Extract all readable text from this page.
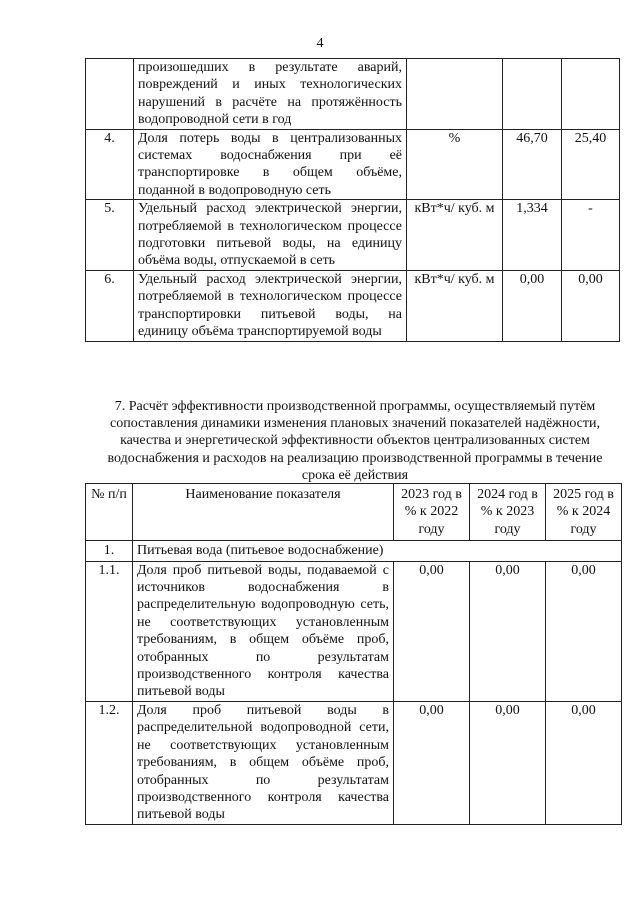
4
	произошедших в результате аварий, повреждений и иных технологических нарушений в расчёте на протяжённость водопроводной сети в год			
4.	Доля потерь воды в централизованных системах водоснабжения при её транспортировке в общем объёме, поданной в водопроводную сеть	%	46,70	25,40
5.	Удельный расход электрической энергии, потребляемой в технологическом процессе подготовки питьевой воды, на единицу объёма воды, отпускаемой в сеть	кВт*ч/ куб. м	1,334	-
6.	Удельный расход электрической энергии, потребляемой в технологическом процессе транспортировки питьевой воды, на единицу объёма транспортируемой воды	кВт*ч/ куб. м	0,00	0,00
7. Расчёт эффективности производственной программы, осуществляемый путём сопоставления динамики изменения плановых значений показателей надёжности, качества и энергетической эффективности объектов централизованных систем водоснабжения и расходов на реализацию производственной программы в течение срока её действия
№ п/п	Наименование показателя	2023 год в % к 2022 году	2024 год в % к 2023 году	2025 год в % к 2024 году
1.	Питьевая вода (питьевое водоснабжение)			
1.1.	Доля проб питьевой воды, подаваемой с источников водоснабжения в распределительную водопроводную сеть, не соответствующих установленным требованиям, в общем объёме проб, отобранных по результатам производственного контроля качества питьевой воды	0,00	0,00	0,00
1.2.	Доля проб питьевой воды в распределительной водопроводной сети, не соответствующих установленным требованиям, в общем объёме проб, отобранных по результатам производственного контроля качества питьевой воды	0,00	0,00	0,00
